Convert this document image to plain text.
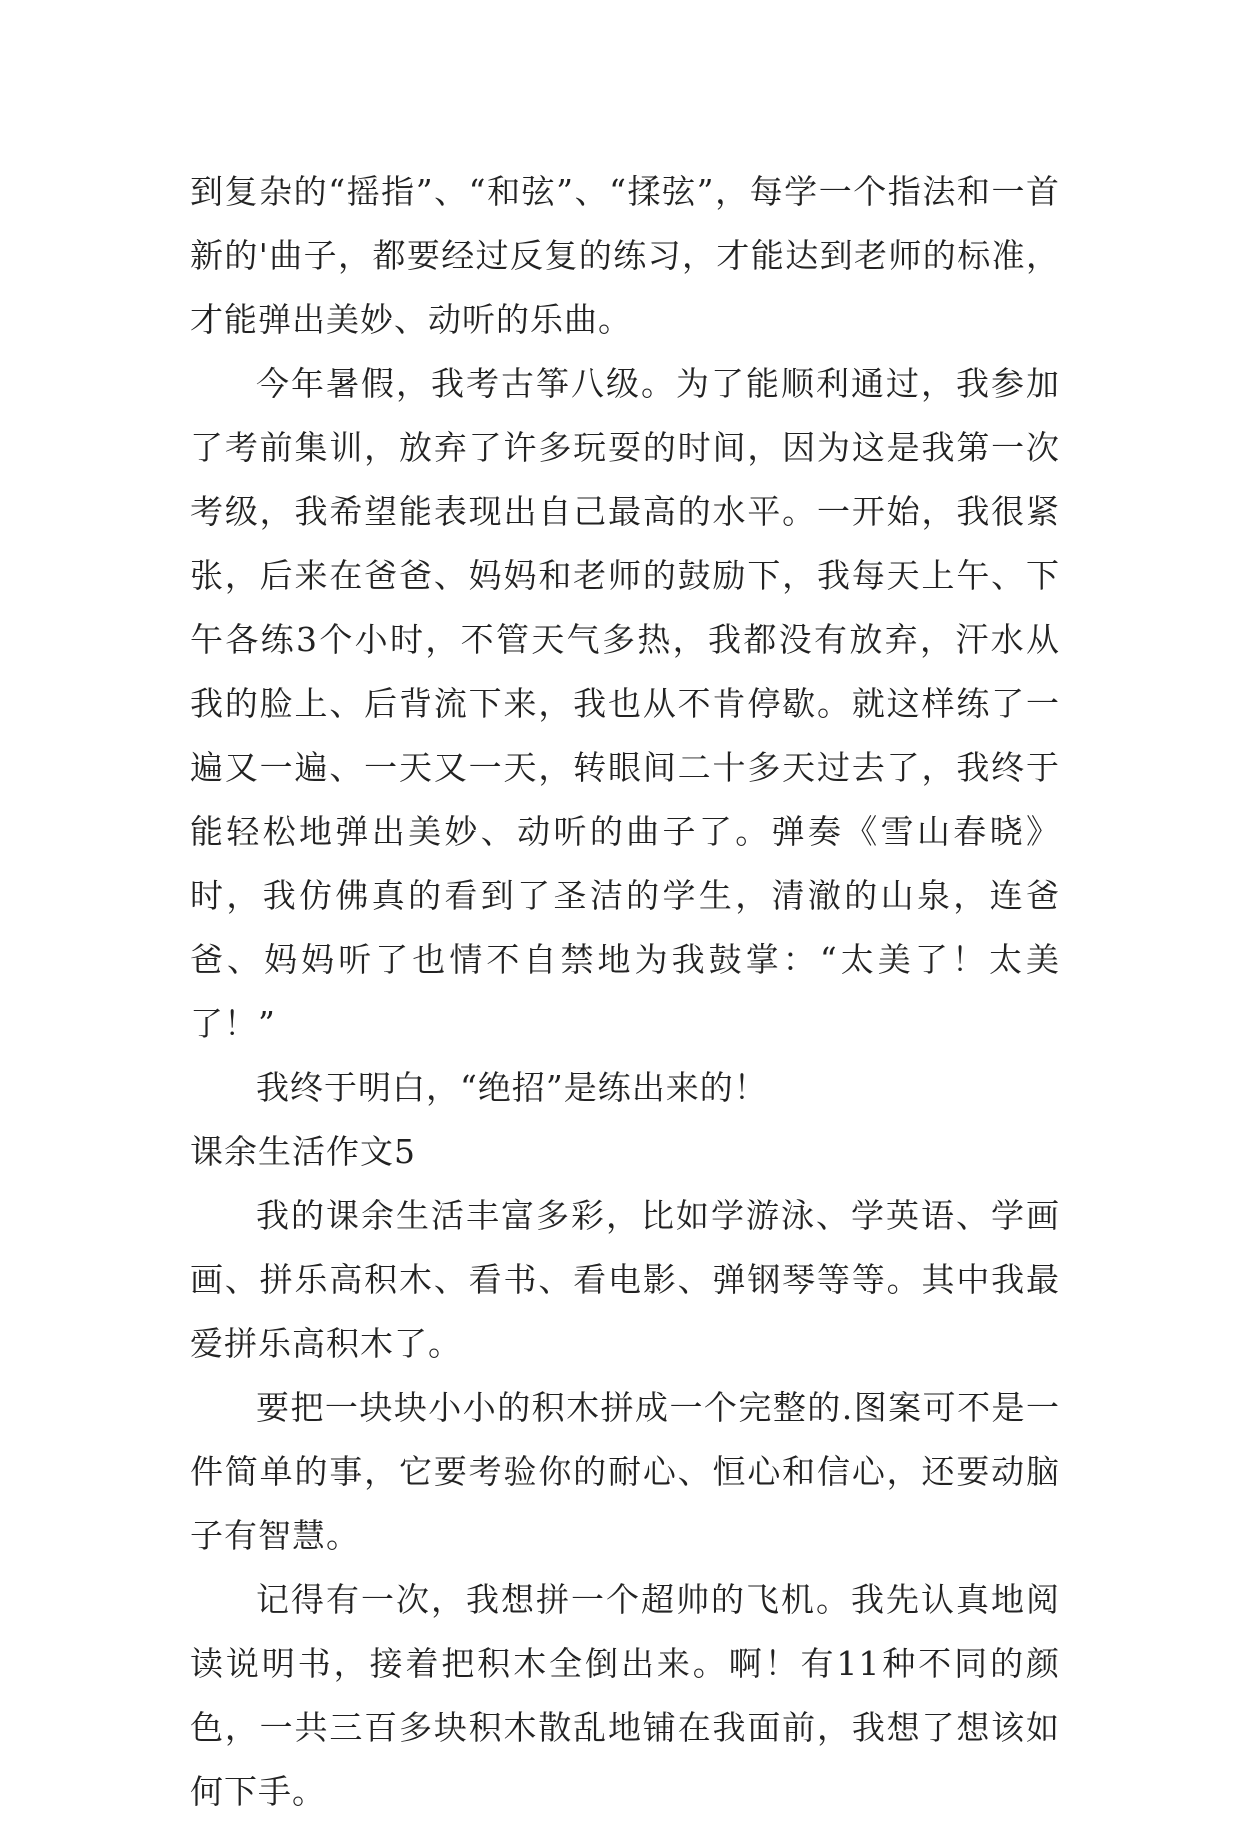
到复杂的“摇指”、“和弦”、“揉弦”，每学一个指法和一首新的'曲子，都要经过反复的练习，才能达到老师的标准，才能弹出美妙、动听的乐曲。

今年暑假，我考古筝八级。为了能顺利通过，我参加了考前集训，放弃了许多玩耍的时间，因为这是我第一次考级，我希望能表现出自己最高的水平。一开始，我很紧张，后来在爸爸、妈妈和老师的鼓励下，我每天上午、下午各练3个小时，不管天气多热，我都没有放弃，汗水从我的脸上、后背流下来，我也从不肯停歇。就这样练了一遍又一遍、一天又一天，转眼间二十多天过去了，我终于能轻松地弹出美妙、动听的曲子了。弹奏《雪山春晓》时，我仿佛真的看到了圣洁的学生，清澈的山泉，连爸爸、妈妈听了也情不自禁地为我鼓掌：“太美了！太美了！”

我终于明白，“绝招”是练出来的！

课余生活作文5

我的课余生活丰富多彩，比如学游泳、学英语、学画画、拼乐高积木、看书、看电影、弹钢琴等等。其中我最爱拼乐高积木了。

要把一块块小小的积木拼成一个完整的.图案可不是一件简单的事，它要考验你的耐心、恒心和信心，还要动脑子有智慧。

记得有一次，我想拼一个超帅的飞机。我先认真地阅读说明书，接着把积木全倒出来。啊！有11种不同的颜色，一共三百多块积木散乱地铺在我面前，我想了想该如何下手。
